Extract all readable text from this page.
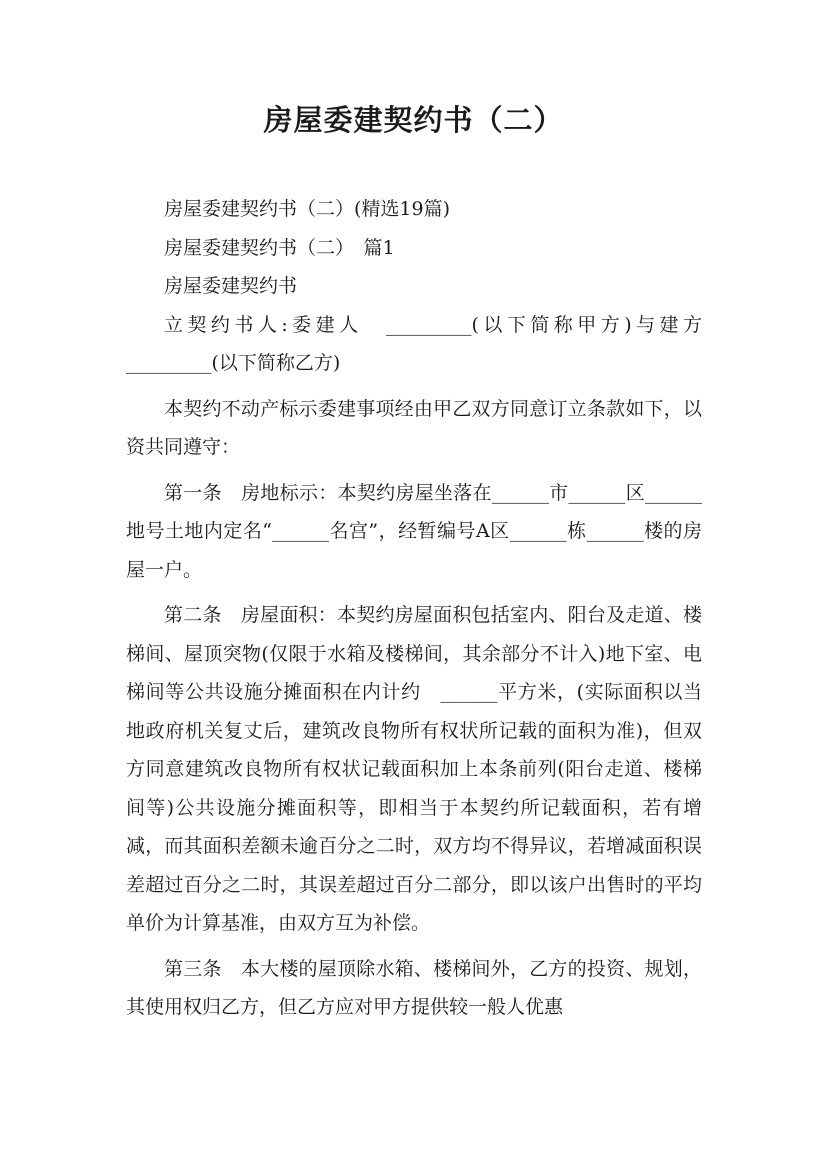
房屋委建契约书（二）

房屋委建契约书（二）(精选19篇)

房屋委建契约书（二）　篇1

房屋委建契约书

立契约书人:委建人　_________(以下简称甲方)与建方_________(以下简称乙方)

本契约不动产标示委建事项经由甲乙双方同意订立条款如下，以资共同遵守：

第一条　房地标示：本契约房屋坐落在______市______区______地号土地内定名“______名宫”，经暂编号A区______栋______楼的房屋一户。

第二条　房屋面积：本契约房屋面积包括室内、阳台及走道、楼梯间、屋顶突物(仅限于水箱及楼梯间，其余部分不计入)地下室、电梯间等公共设施分摊面积在内计约　______平方米，(实际面积以当地政府机关复丈后，建筑改良物所有权状所记载的面积为准)，但双方同意建筑改良物所有权状记载面积加上本条前列(阳台走道、楼梯间等)公共设施分摊面积等，即相当于本契约所记载面积，若有增减，而其面积差额未逾百分之二时，双方均不得异议，若增减面积误差超过百分之二时，其误差超过百分二部分，即以该户出售时的平均单价为计算基准，由双方互为补偿。

第三条　本大楼的屋顶除水箱、楼梯间外，乙方的投资、规划，其使用权归乙方，但乙方应对甲方提供较一般人优惠
